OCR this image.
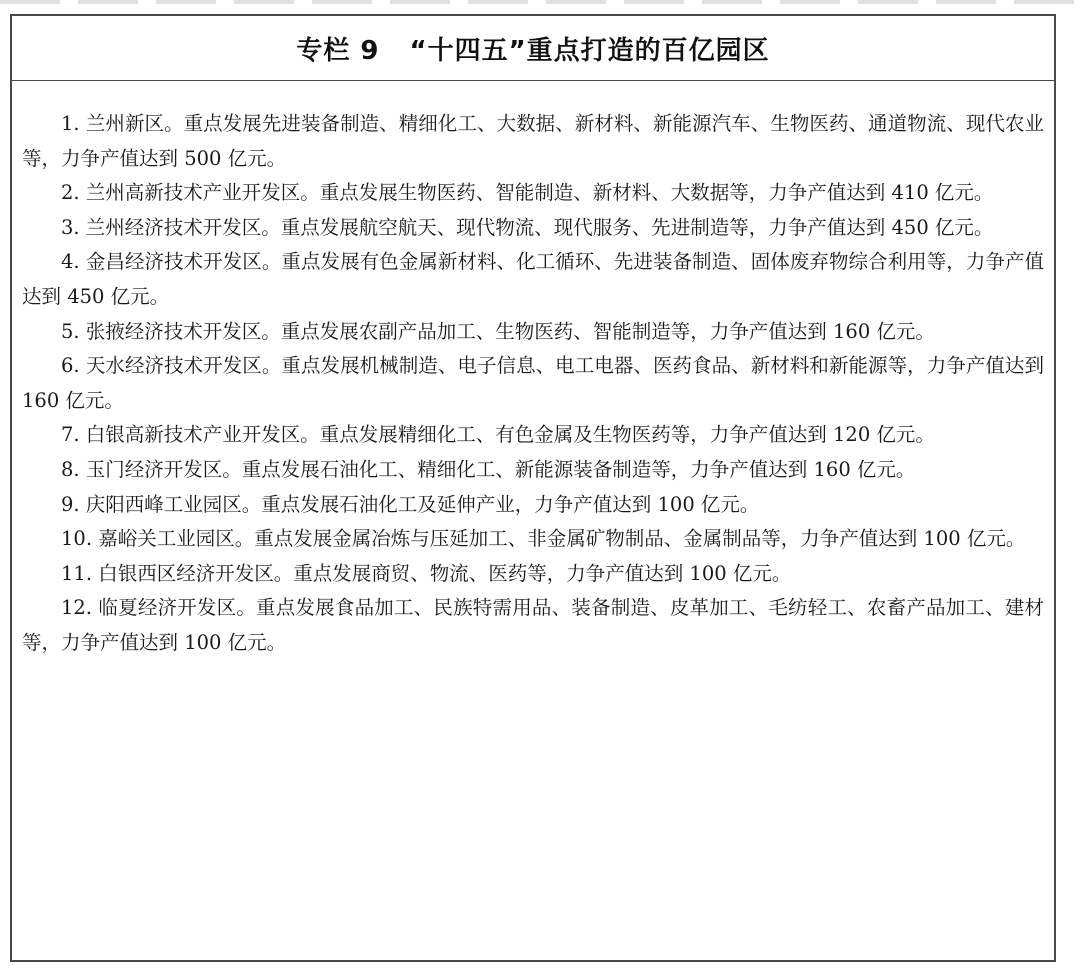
专栏 9 “十四五”重点打造的百亿园区

1. 兰州新区。重点发展先进装备制造、精细化工、大数据、新材料、新能源汽车、生物医药、通道物流、现代农业等，力争产值达到 500 亿元。

2. 兰州高新技术产业开发区。重点发展生物医药、智能制造、新材料、大数据等，力争产值达到 410 亿元。

3. 兰州经济技术开发区。重点发展航空航天、现代物流、现代服务、先进制造等，力争产值达到 450 亿元。

4. 金昌经济技术开发区。重点发展有色金属新材料、化工循环、先进装备制造、固体废弃物综合利用等，力争产值达到 450 亿元。

5. 张掖经济技术开发区。重点发展农副产品加工、生物医药、智能制造等，力争产值达到 160 亿元。

6. 天水经济技术开发区。重点发展机械制造、电子信息、电工电器、医药食品、新材料和新能源等，力争产值达到 160 亿元。

7. 白银高新技术产业开发区。重点发展精细化工、有色金属及生物医药等，力争产值达到 120 亿元。

8. 玉门经济开发区。重点发展石油化工、精细化工、新能源装备制造等，力争产值达到 160 亿元。

9. 庆阳西峰工业园区。重点发展石油化工及延伸产业，力争产值达到 100 亿元。

10. 嘉峪关工业园区。重点发展金属冶炼与压延加工、非金属矿物制品、金属制品等，力争产值达到 100 亿元。

11. 白银西区经济开发区。重点发展商贸、物流、医药等，力争产值达到 100 亿元。

12. 临夏经济开发区。重点发展食品加工、民族特需用品、装备制造、皮革加工、毛纺轻工、农畜产品加工、建材等，力争产值达到 100 亿元。
